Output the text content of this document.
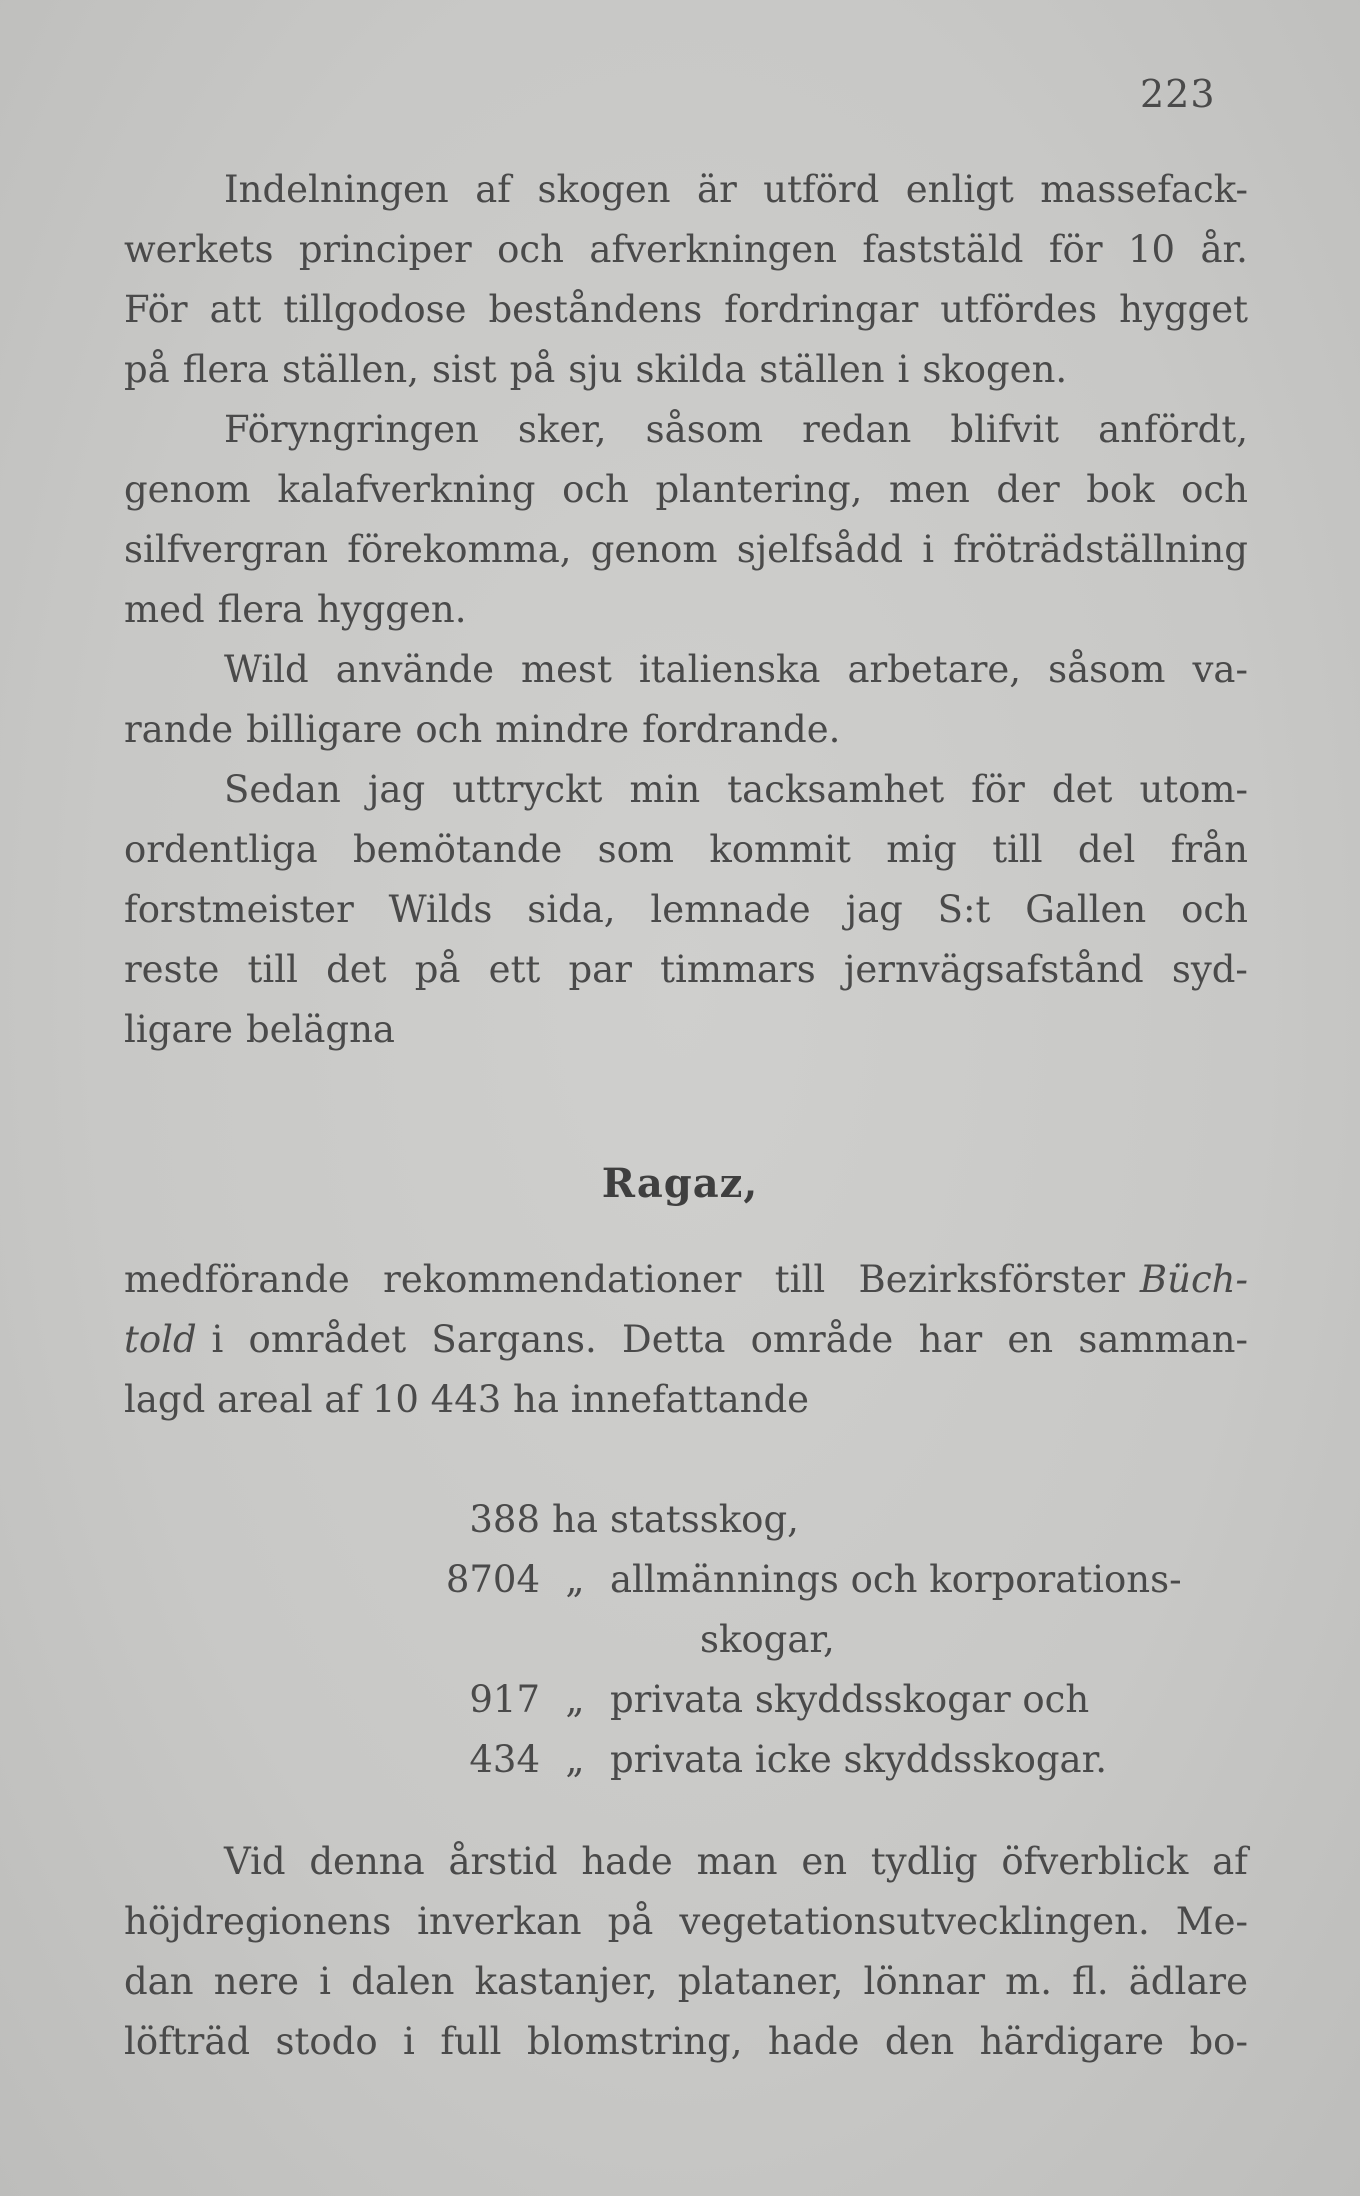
223
Indelningen af skogen är utförd enligt massefack-
werkets principer och afverkningen faststäld för 10 år.
För att tillgodose beståndens fordringar utfördes hygget
på flera ställen, sist på sju skilda ställen i skogen.
Föryngringen sker, såsom redan blifvit anfördt,
genom kalafverkning och plantering, men der bok och
silfvergran förekomma, genom sjelfsådd i fröträdställning
med flera hyggen.
Wild använde mest italienska arbetare, såsom va-
rande billigare och mindre fordrande.
Sedan jag uttryckt min tacksamhet för det utom-
ordentliga bemötande som kommit mig till del från
forstmeister Wilds sida, lemnade jag S:t Gallen och
reste till det på ett par timmars jernvägsafstånd syd-
ligare belägna
Ragaz,
medförande rekommendationer till Bezirksförster Büch-
told i området Sargans. Detta område har en samman-
lagd areal af 10 443 ha innefattande
388 ha statsskog,
8704 „ allmännings och korporations-
skogar,
917 „ privata skyddsskogar och
434 „ privata icke skyddsskogar.
Vid denna årstid hade man en tydlig öfverblick af
höjdregionens inverkan på vegetationsutvecklingen. Me-
dan nere i dalen kastanjer, plataner, lönnar m. fl. ädlare
löfträd stodo i full blomstring, hade den härdigare bo-
